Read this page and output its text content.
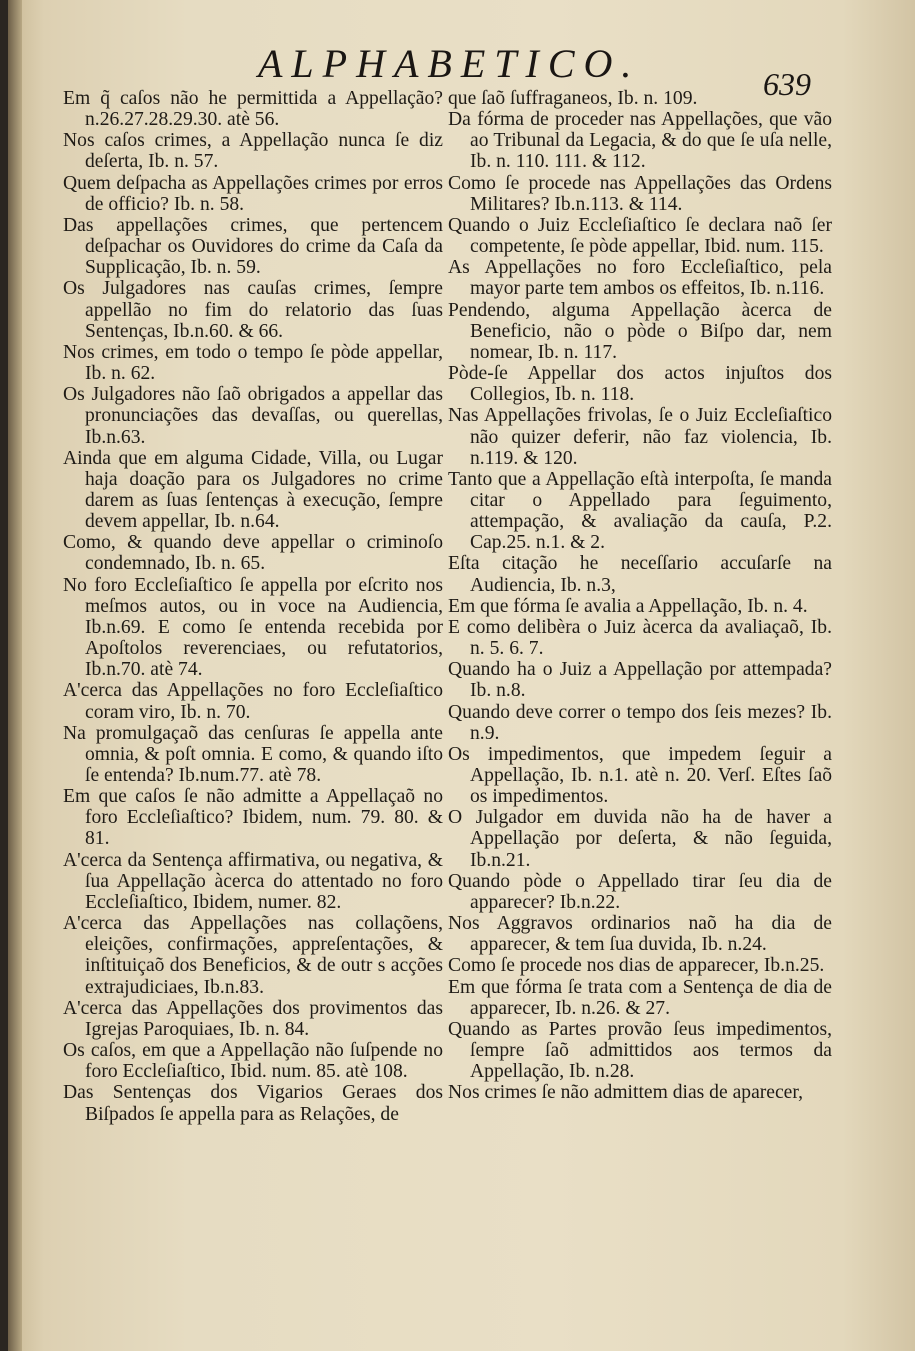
ALPHABETICO.	639
Em q̃ caſos não he permittida a Appellação? n.26.27.28.29.30. atè 56.
Nos caſos crimes, a Appellação nunca ſe diz deſerta, Ib. n. 57.
Quem deſpacha as Appellações crimes por erros de officio? Ib. n. 58.
Das appellações crimes, que pertencem deſpachar os Ouvidores do crime da Caſa da Supplicação, Ib. n. 59.
Os Julgadores nas cauſas crimes, ſempre appellão no fim do relatorio das ſuas Sentenças, Ib.n.60. & 66.
Nos crimes, em todo o tempo ſe pòde appellar, Ib. n. 62.
Os Julgadores não ſaõ obrigados a appellar das pronunciações das devaſſas, ou querellas, Ib.n.63.
Ainda que em alguma Cidade, Villa, ou Lugar haja doação para os Julgadores no crime darem as ſuas ſentenças à execução, ſempre devem appellar, Ib. n.64.
Como, & quando deve appellar o criminoſo condemnado, Ib. n. 65.
No foro Eccleſiaſtico ſe appella por eſcrito nos meſmos autos, ou in voce na Audiencia, Ib.n.69. E como ſe entenda recebida por Apoſtolos reverenciaes, ou refutatorios, Ib.n.70. atè 74.
A'cerca das Appellações no foro Eccleſiaſtico coram viro, Ib. n. 70.
Na promulgaçaõ das cenſuras ſe appella ante omnia, & poſt omnia. E como, & quando iſto ſe entenda? Ib.num.77. atè 78.
Em que caſos ſe não admitte a Appellaçaõ no foro Eccleſiaſtico? Ibidem, num. 79. 80. & 81.
A'cerca da Sentença affirmativa, ou negativa, & ſua Appellação àcerca do attentado no foro Eccleſiaſtico, Ibidem, numer. 82.
A'cerca das Appellações nas collaçõens, eleições, confirmações, appreſentações, & inſtituiçaõ dos Beneficios, & de outr s acções extrajudiciaes, Ib.n.83.
A'cerca das Appellações dos provimentos das Igrejas Paroquiaes, Ib. n. 84.
Os caſos, em que a Appellação não ſuſpende no foro Eccleſiaſtico, Ibid. num. 85. atè 108.
Das Sentenças dos Vigarios Geraes dos Biſpados ſe appella para as Relações, de
que ſaõ ſuffraganeos, Ib. n. 109.
Da fórma de proceder nas Appellações, que vão ao Tribunal da Legacia, & do que ſe uſa nelle, Ib. n. 110. 111. & 112.
Como ſe procede nas Appellações das Ordens Militares? Ib.n.113. & 114.
Quando o Juiz Eccleſiaſtico ſe declara naõ ſer competente, ſe pòde appellar, Ibid. num. 115.
As Appellações no foro Eccleſiaſtico, pela mayor parte tem ambos os effeitos, Ib. n.116.
Pendendo, alguma Appellação àcerca de Beneficio, não o pòde o Biſpo dar, nem nomear, Ib. n. 117.
Pòde-ſe Appellar dos actos injuſtos dos Collegios, Ib. n. 118.
Nas Appellações frivolas, ſe o Juiz Eccleſiaſtico não quizer deferir, não faz violencia, Ib. n.119. & 120.
Tanto que a Appellação eſtà interpoſta, ſe manda citar o Appellado para ſeguimento, attempação, & avaliação da cauſa, P.2. Cap.25. n.1. & 2.
Eſta citação he neceſſario accuſarſe na Audiencia, Ib. n.3,
Em que fórma ſe avalia a Appellação, Ib. n. 4.
E como delibèra o Juiz àcerca da avaliaçaõ, Ib. n. 5. 6. 7.
Quando ha o Juiz a Appellação por attempada? Ib. n.8.
Quando deve correr o tempo dos ſeis mezes? Ib. n.9.
Os impedimentos, que impedem ſeguir a Appellação, Ib. n.1. atè n. 20. Verſ. Eſtes ſaõ os impedimentos.
O Julgador em duvida não ha de haver a Appellação por deſerta, & não ſeguida, Ib.n.21.
Quando pòde o Appellado tirar ſeu dia de apparecer? Ib.n.22.
Nos Aggravos ordinarios naõ ha dia de apparecer, & tem ſua duvida, Ib. n.24.
Como ſe procede nos dias de apparecer, Ib.n.25.
Em que fórma ſe trata com a Sentença de dia de apparecer, Ib. n.26. & 27.
Quando as Partes provão ſeus impedimentos, ſempre ſaõ admittidos aos termos da Appellação, Ib. n.28.
Nos crimes ſe não admittem dias de aparecer,
